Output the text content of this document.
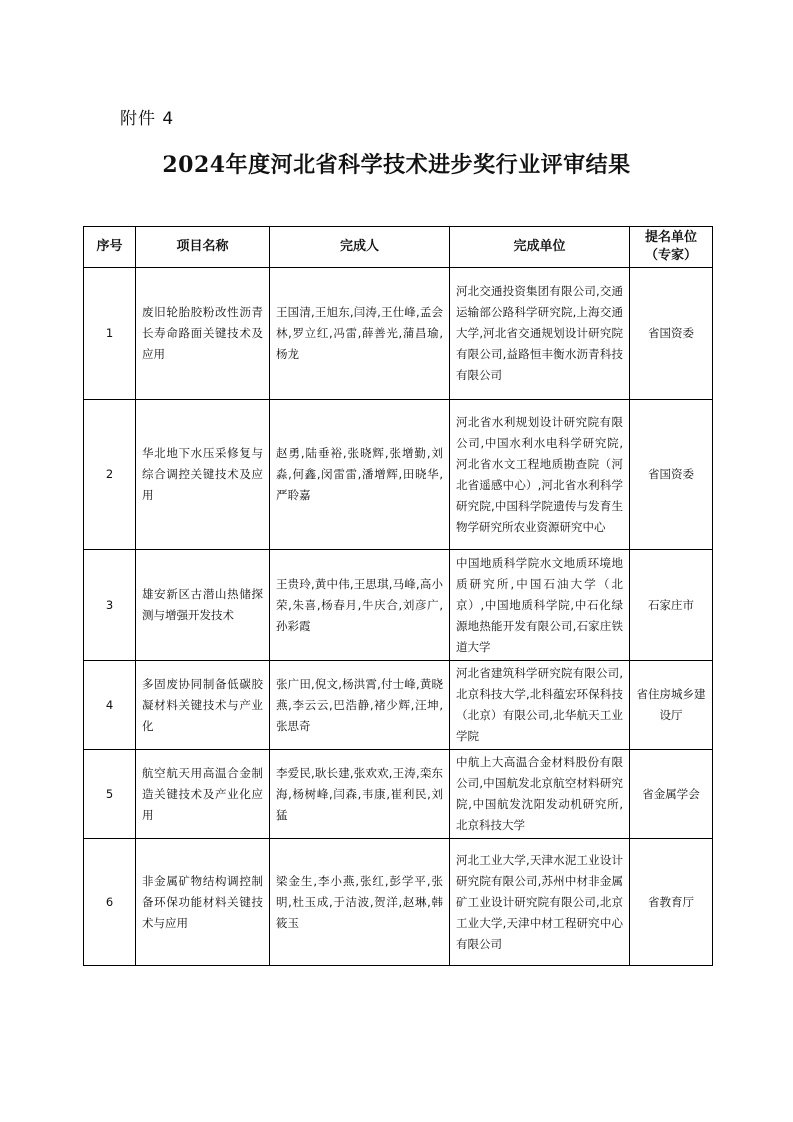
附件 4
2024年度河北省科学技术进步奖行业评审结果
序号	项目名称	完成人	完成单位	提名单位
（专家）
1	废旧轮胎胶粉改性沥青长寿命路面关键技术及应用	王国清,王旭东,闫涛,王仕峰,孟会林,罗立红,冯雷,薛善光,蒲昌瑜,杨龙	河北交通投资集团有限公司,交通运输部公路科学研究院,上海交通大学,河北省交通规划设计研究院有限公司,益路恒丰衡水沥青科技有限公司	省国资委
2	华北地下水压采修复与综合调控关键技术及应用	赵勇,陆垂裕,张晓辉,张增勤,刘淼,何鑫,闵雷雷,潘增辉,田晓华,严聆嘉	河北省水利规划设计研究院有限公司,中国水利水电科学研究院,河北省水文工程地质勘查院（河北省遥感中心）,河北省水利科学研究院,中国科学院遗传与发育生物学研究所农业资源研究中心	省国资委
3	雄安新区古潜山热储探测与增强开发技术	王贵玲,黄中伟,王思琪,马峰,高小荣,朱喜,杨春月,牛庆合,刘彦广,孙彩霞	中国地质科学院水文地质环境地质研究所,中国石油大学（北京）,中国地质科学院,中石化绿源地热能开发有限公司,石家庄铁道大学	石家庄市
4	多固废协同制备低碳胶凝材料关键技术与产业化	张广田,倪文,杨洪霄,付士峰,黄晓燕,李云云,巴浩静,褚少辉,汪坤,张思奇	河北省建筑科学研究院有限公司,北京科技大学,北科蕴宏环保科技（北京）有限公司,北华航天工业学院	省住房城乡建设厅
5	航空航天用高温合金制造关键技术及产业化应用	李爱民,耿长建,张欢欢,王涛,栾东海,杨树峰,闫森,韦康,崔利民,刘猛	中航上大高温合金材料股份有限公司,中国航发北京航空材料研究院,中国航发沈阳发动机研究所,北京科技大学	省金属学会
6	非金属矿物结构调控制备环保功能材料关键技术与应用	梁金生,李小燕,张红,彭学平,张明,杜玉成,于洁波,贺洋,赵琳,韩筱玉	河北工业大学,天津水泥工业设计研究院有限公司,苏州中材非金属矿工业设计研究院有限公司,北京工业大学,天津中材工程研究中心有限公司	省教育厅
